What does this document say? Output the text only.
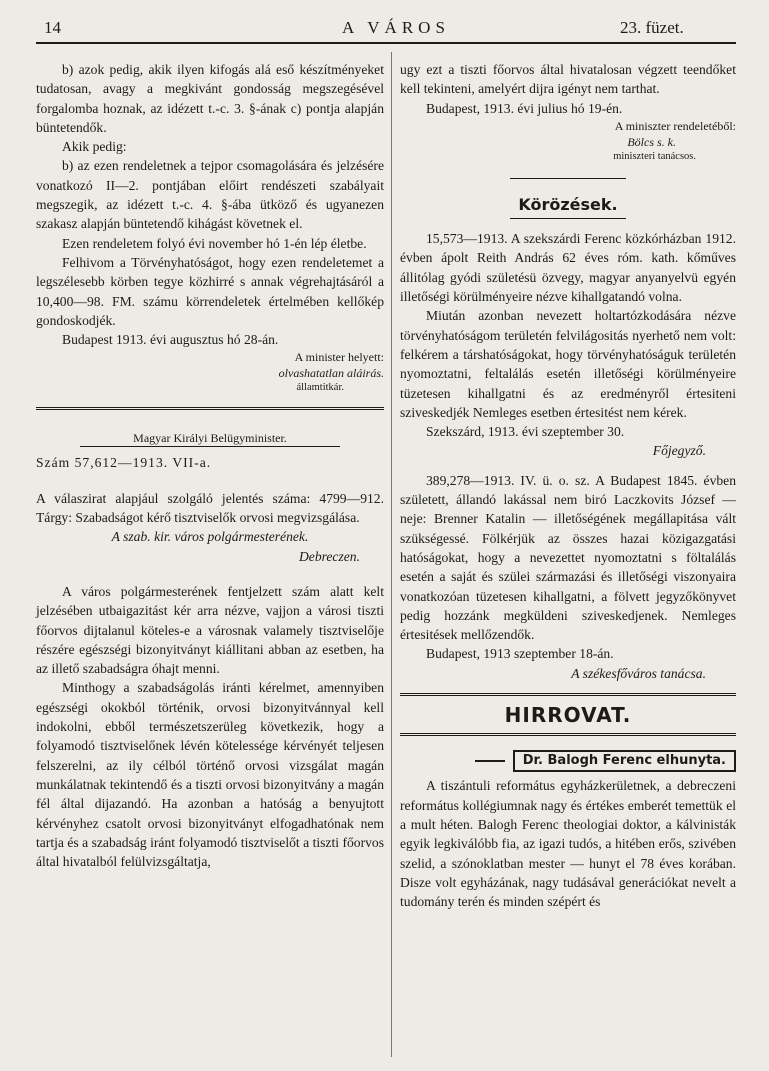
14	A VÁROS	23. füzet.

b) azok pedig, akik ilyen kifogás alá eső készítményeket tudatosan, avagy a megkivánt gondosság megszegésével forgalomba hoznak, az idézett t.-c. 3. §-ának c) pontja alapján büntetendők.

Akik pedig:

b) az ezen rendeletnek a tejpor csomagolására és jelzésére vonatkozó II—2. pontjában előirt rendészeti szabályait megszegik, az idézett t.-c. 4. §-ába ütköző és ugyanezen szakasz alapján büntetendő kihágást követnek el.

Ezen rendeletem folyó évi november hó 1-én lép életbe.

Felhivom a Törvényhatóságot, hogy ezen rendeletemet a legszélesebb körben tegye közhirré s annak végrehajtásáról a 10,400—98. FM. számu körrendeletek értelmében kellőkép gondoskodjék.

Budapest 1913. évi augusztus hó 28-án.

A minister helyett:

olvashatatlan aláirás.

államtitkár.

Magyar Királyi Belügyminister.

Szám 57,612—1913. VII-a.

A válaszirat alapjául szolgáló jelentés száma: 4799—912. Tárgy: Szabadságot kérő tisztviselők orvosi megvizsgálása.

A szab. kir. város polgármesterének.

Debreczen.

A város polgármesterének fentjelzett szám alatt kelt jelzésében utbaigazitást kér arra nézve, vajjon a városi tiszti főorvos dijtalanul köteles-e a városnak valamely tisztviselője részére egészségi bizonyitványt kiállitani abban az esetben, ha az illető szabadságra óhajt menni.

Minthogy a szabadságolás iránti kérelmet, amennyiben egészségi okokból történik, orvosi bizonyitvánnyal kell indokolni, ebből természetszerüleg következik, hogy a folyamodó tisztviselőnek lévén kötelessége kérvényét teljesen felszerelni, az ily célból történő orvosi vizsgálat magán munkálatnak tekintendő és a tiszti orvosi bizonyitvány a magán fél által dijazandó. Ha azonban a hatóság a benyujtott kérvényhez csatolt orvosi bizonyitványt elfogadhatónak nem tartja és a szabadság iránt folyamodó tisztviselőt a tiszti főorvos által hivatalból felülvizsgáltatja,

ugy ezt a tiszti főorvos által hivatalosan végzett teendőket kell tekinteni, amelyért dijra igényt nem tarthat.

Budapest, 1913. évi julius hó 19-én.

A miniszter rendeletéből:

Bölcs s. k.

miniszteri tanácsos.

Körözések.

15,573—1913. A szekszárdi Ferenc közkórházban 1912. évben ápolt Reith András 62 éves róm. kath. kőműves állitólag gyódi születésü özvegy, magyar anyanyelvü egyén illetőségi körülményeire nézve kihallgatandó volna.

Miután azonban nevezett holtartózkodására nézve törvényhatóságom területén felvilágositás nyerhető nem volt: felkérem a társhatóságokat, hogy törvényhatóságuk területén nyomoztatni, feltalálás esetén illetőségi körülményeire tüzetesen kihallgatni és az eredményről értesiteni sziveskedjék Nemleges esetben értesitést nem kérek.

Szekszárd, 1913. évi szeptember 30.

Főjegyző.

389,278—1913. IV. ü. o. sz. A Budapest 1845. évben született, állandó lakással nem biró Laczkovits József — neje: Brenner Katalin — illetőségének megállapitása vált szükségessé. Fölkérjük az összes hazai közigazgatási hatóságokat, hogy a nevezettet nyomoztatni s föltalálás esetén a saját és szülei származási és illetőségi viszonyaira vonatkozóan tüzetesen kihallgatni, a fölvett jegyzőkönyvet pedig hozzánk megküldeni sziveskedjenek. Nemleges értesitések mellőzendők.

Budapest, 1913 szeptember 18-án.

A székesfőváros tanácsa.

HIRROVAT.

Dr. Balogh Ferenc elhunyta.

A tiszántuli református egyházkerületnek, a debreczeni református kollégiumnak nagy és értékes emberét temettük el a mult héten. Balogh Ferenc theologiai doktor, a kálvinisták egyik legkiválóbb fia, az igazi tudós, a hitében erős, szivében szelid, a szónoklatban mester — hunyt el 78 éves korában. Disze volt egyházának, nagy tudásával generációkat nevelt a tudomány terén és minden szépért és
